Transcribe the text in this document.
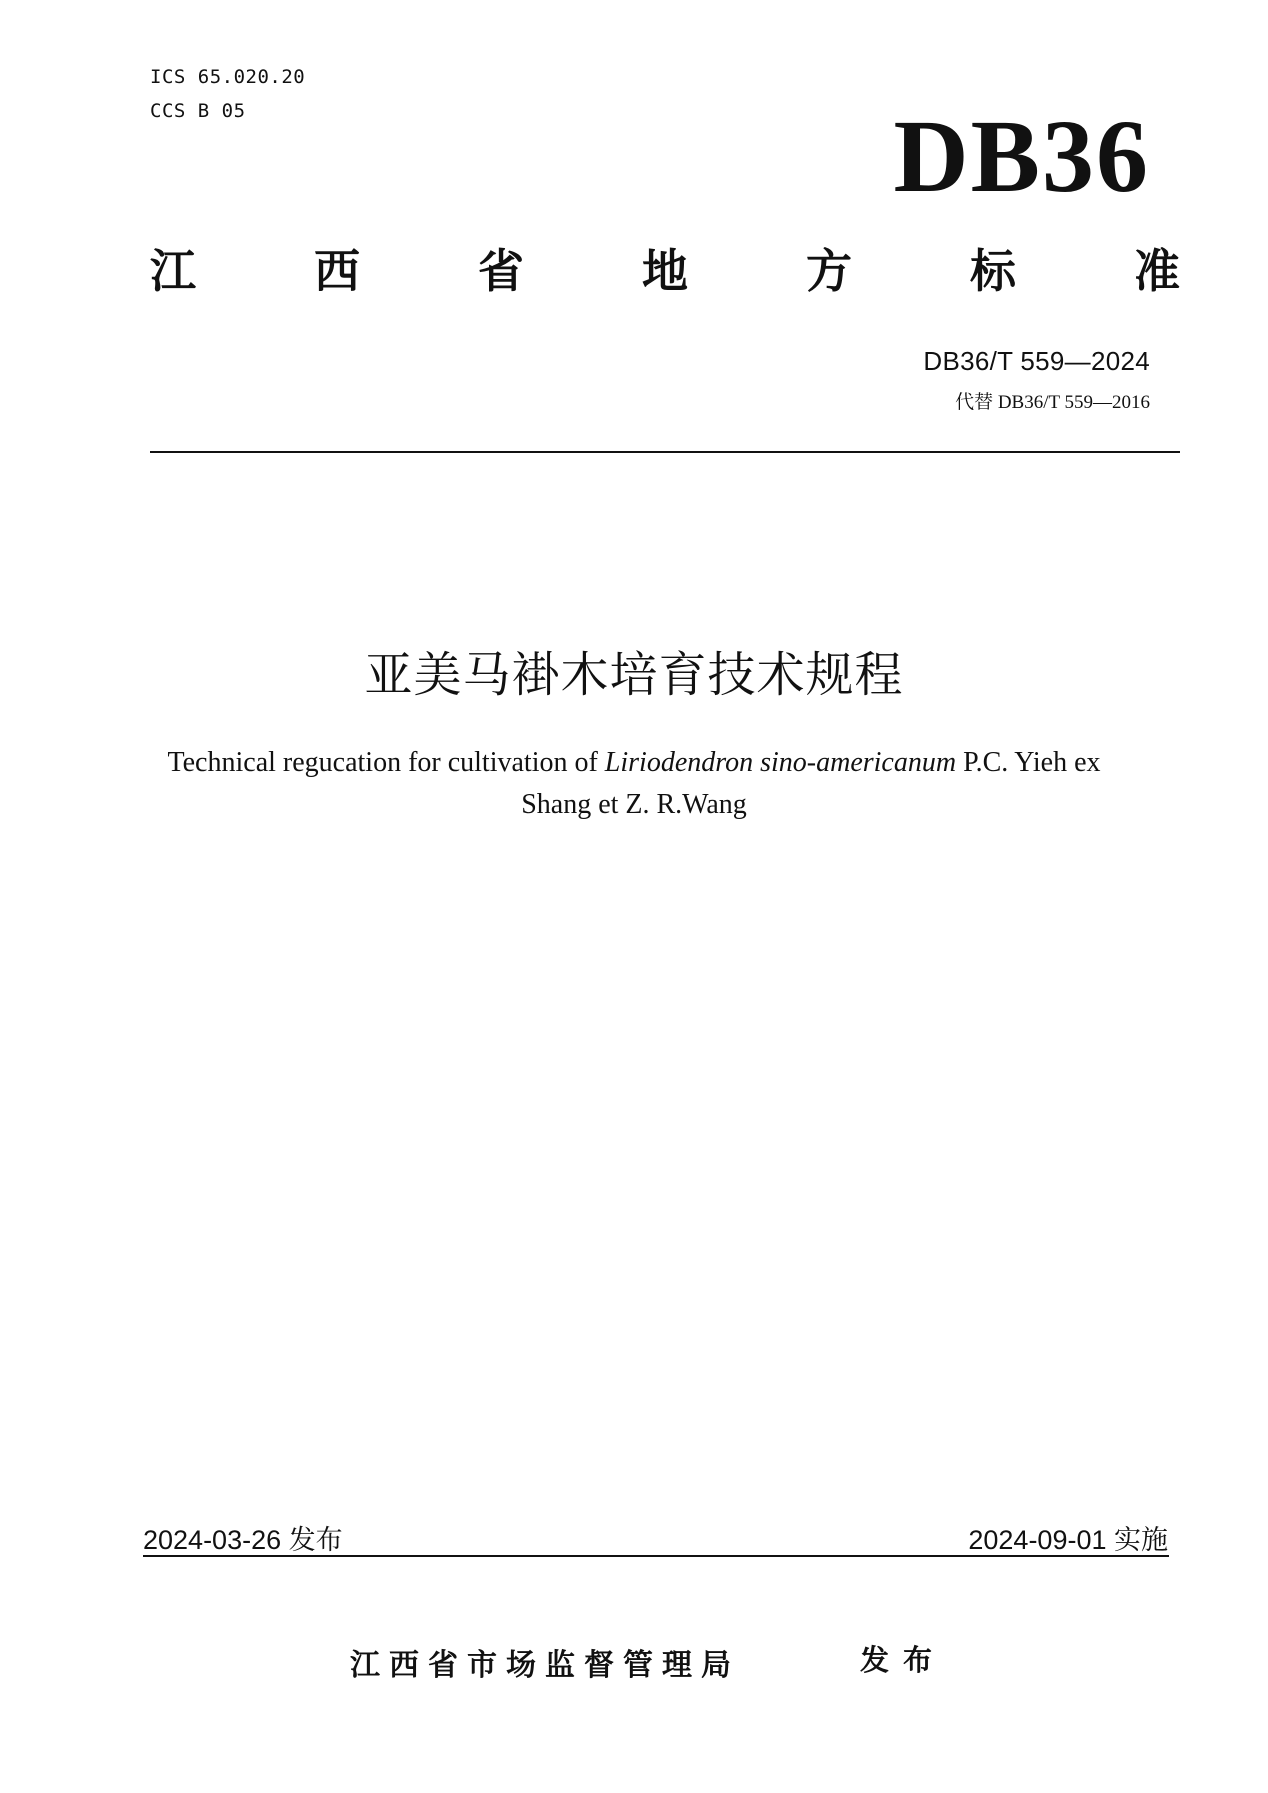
ICS 65.020.20
CCS B 05	DB36
江	西	省	地	方	标	准
DB36/T 559—2024
代替 DB36/T 559—2016
亚美马褂木培育技术规程
Technical regucation for cultivation of Liriodendron sino-americanum P.C. Yieh ex
Shang et Z. R.Wang
2024-03-26 发布	2024-09-01 实施
江西省市场监督管理局	发布
